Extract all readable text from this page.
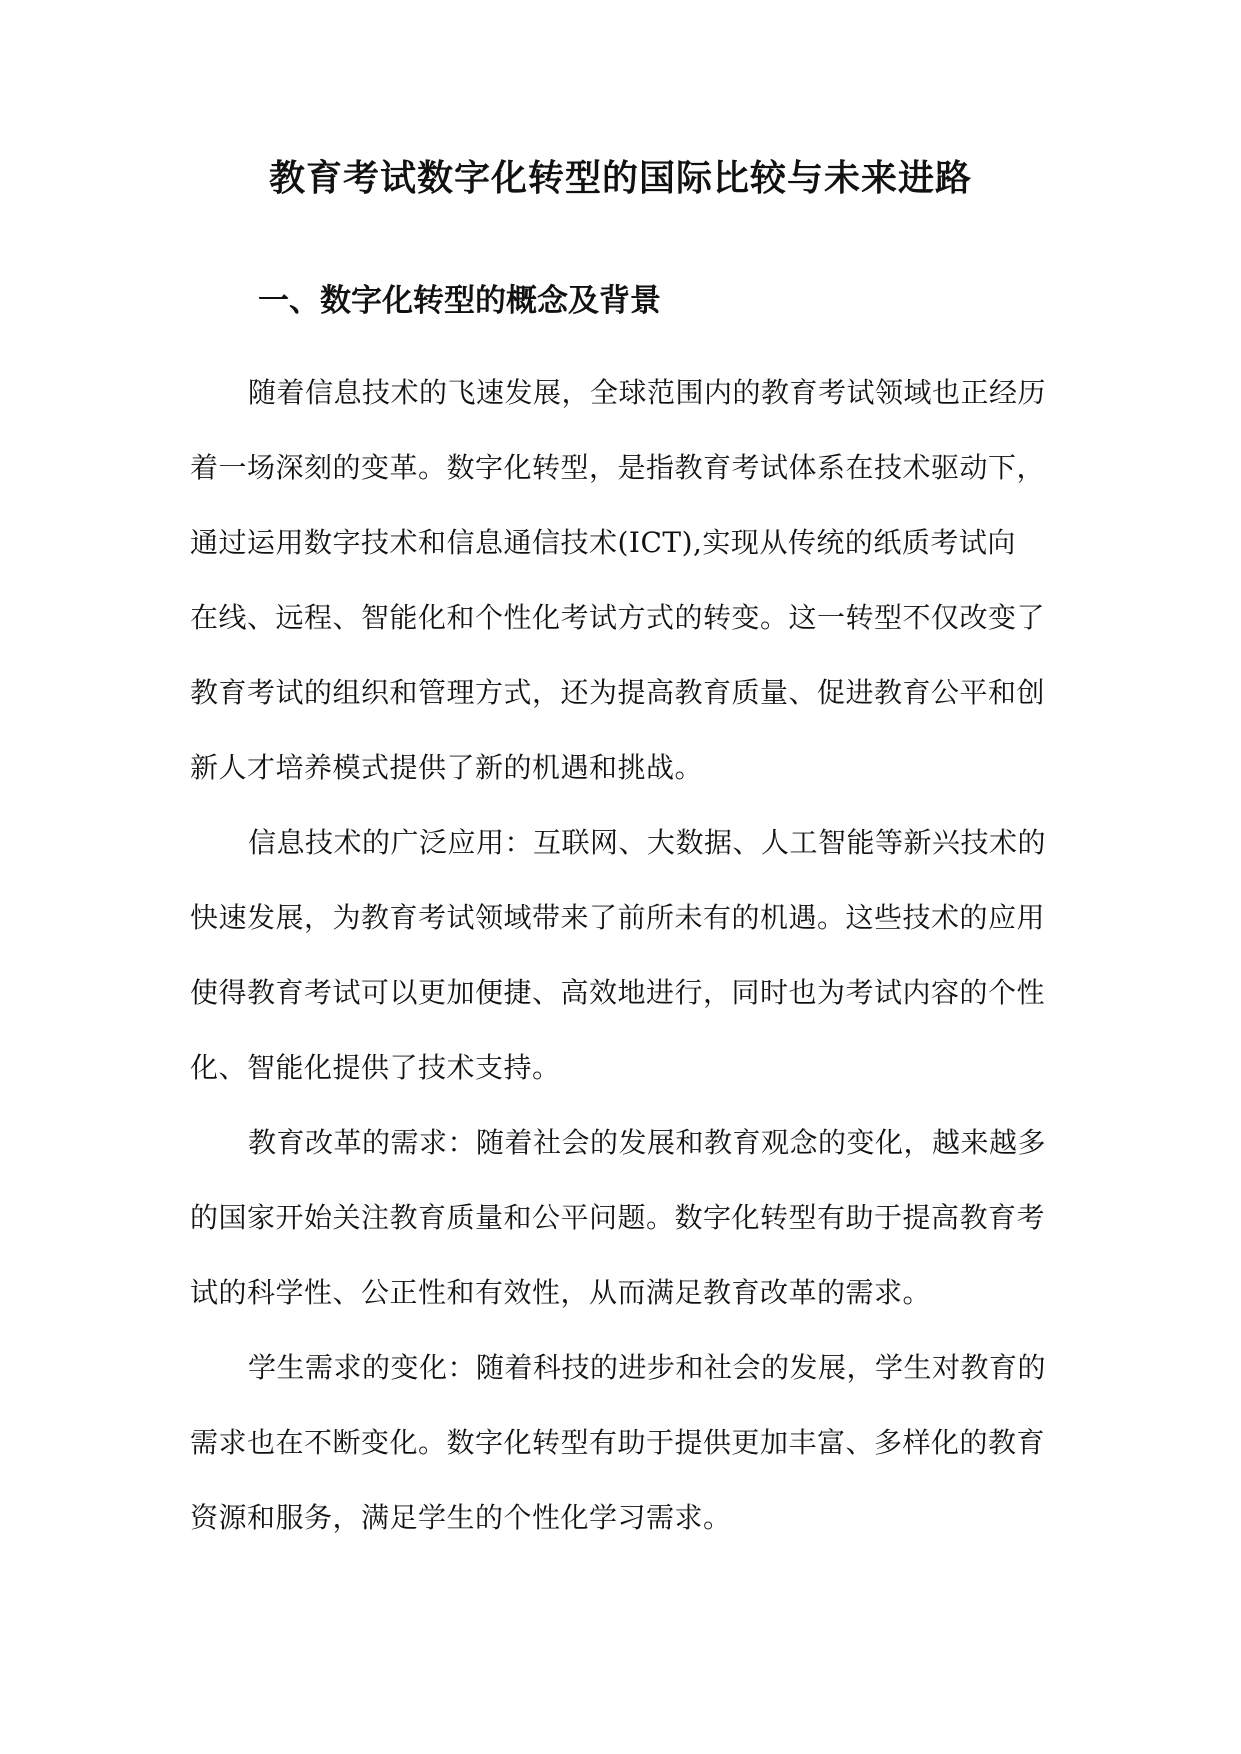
教育考试数字化转型的国际比较与未来进路
一、数字化转型的概念及背景
随着信息技术的飞速发展，全球范围内的教育考试领域也正经历
着一场深刻的变革。数字化转型，是指教育考试体系在技术驱动下，
通过运用数字技术和信息通信技术(ICT),实现从传统的纸质考试向
在线、远程、智能化和个性化考试方式的转变。这一转型不仅改变了
教育考试的组织和管理方式，还为提高教育质量、促进教育公平和创
新人才培养模式提供了新的机遇和挑战。
信息技术的广泛应用：互联网、大数据、人工智能等新兴技术的
快速发展，为教育考试领域带来了前所未有的机遇。这些技术的应用
使得教育考试可以更加便捷、高效地进行，同时也为考试内容的个性
化、智能化提供了技术支持。
教育改革的需求：随着社会的发展和教育观念的变化，越来越多
的国家开始关注教育质量和公平问题。数字化转型有助于提高教育考
试的科学性、公正性和有效性，从而满足教育改革的需求。
学生需求的变化：随着科技的进步和社会的发展，学生对教育的
需求也在不断变化。数字化转型有助于提供更加丰富、多样化的教育
资源和服务，满足学生的个性化学习需求。
